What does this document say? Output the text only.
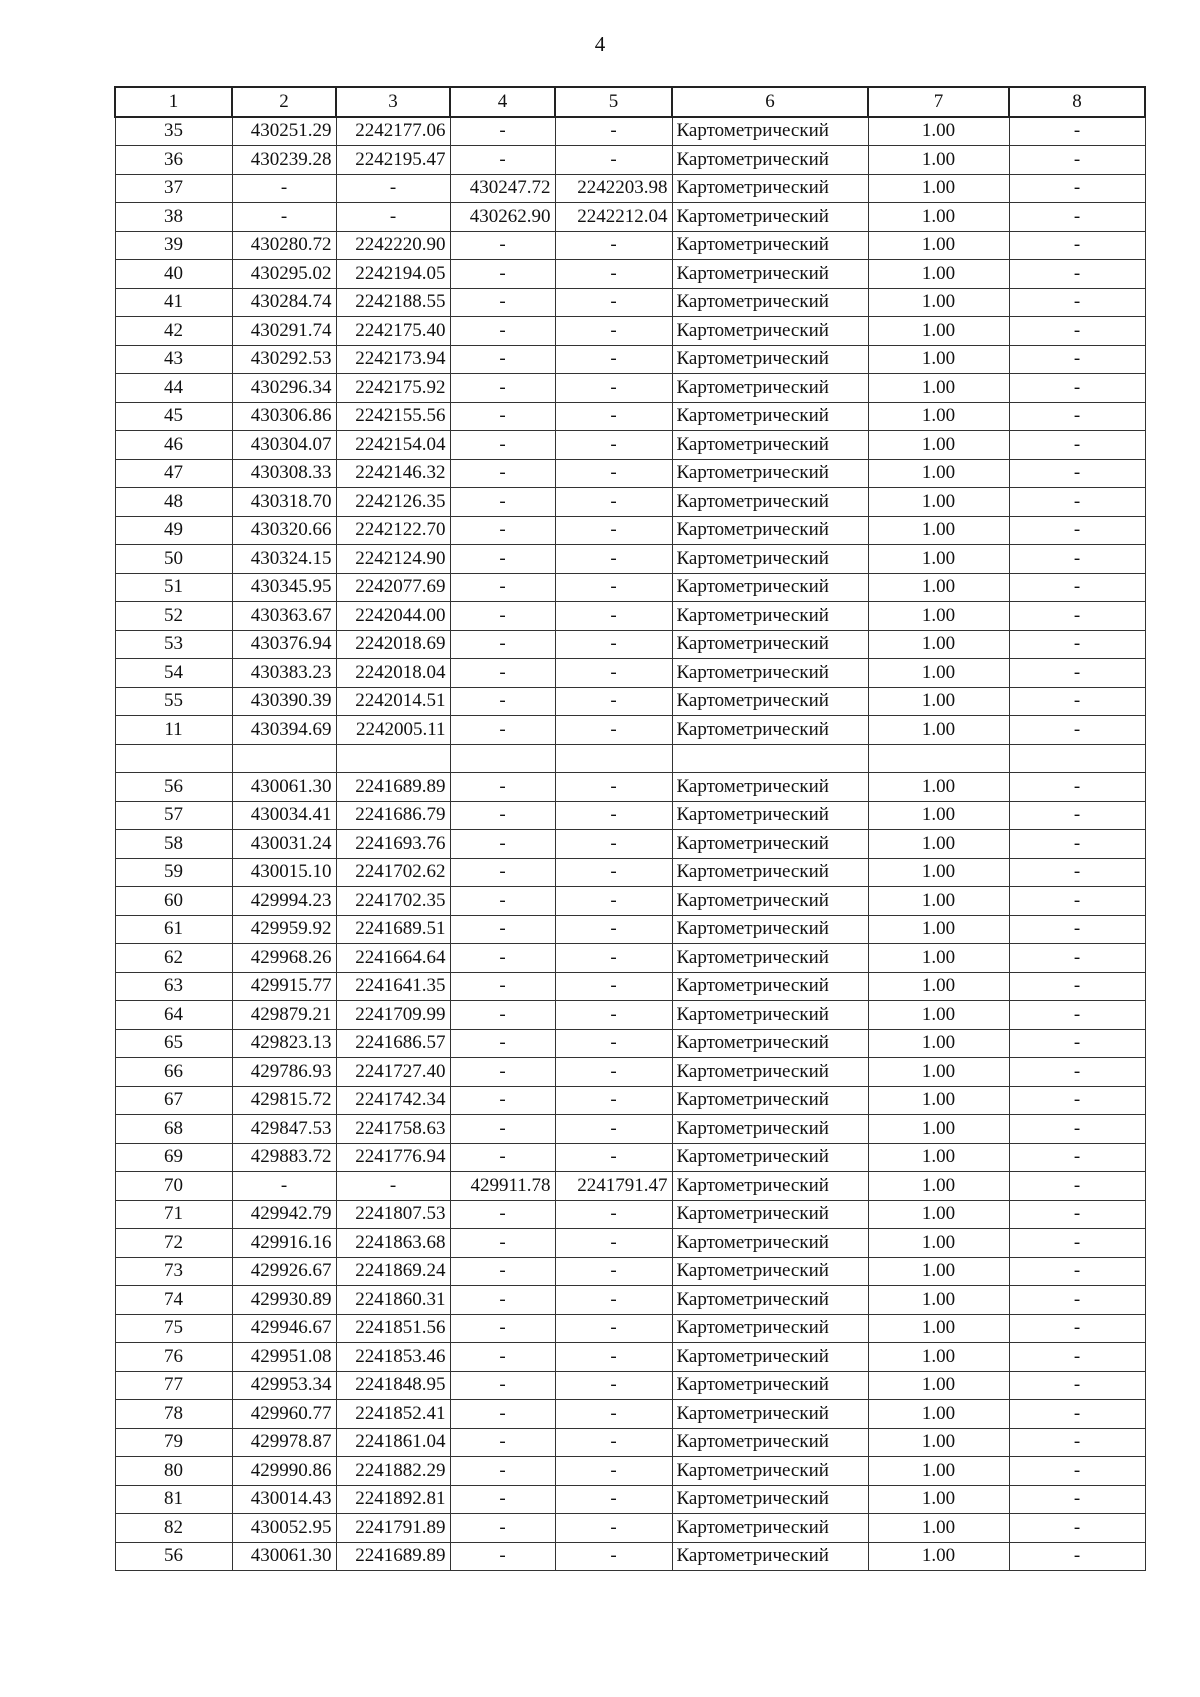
4
1	2	3	4	5	6	7	8
35	430251.29	2242177.06	-	-	Картометрический	1.00	-
36	430239.28	2242195.47	-	-	Картометрический	1.00	-
37	-	-	430247.72	2242203.98	Картометрический	1.00	-
38	-	-	430262.90	2242212.04	Картометрический	1.00	-
39	430280.72	2242220.90	-	-	Картометрический	1.00	-
40	430295.02	2242194.05	-	-	Картометрический	1.00	-
41	430284.74	2242188.55	-	-	Картометрический	1.00	-
42	430291.74	2242175.40	-	-	Картометрический	1.00	-
43	430292.53	2242173.94	-	-	Картометрический	1.00	-
44	430296.34	2242175.92	-	-	Картометрический	1.00	-
45	430306.86	2242155.56	-	-	Картометрический	1.00	-
46	430304.07	2242154.04	-	-	Картометрический	1.00	-
47	430308.33	2242146.32	-	-	Картометрический	1.00	-
48	430318.70	2242126.35	-	-	Картометрический	1.00	-
49	430320.66	2242122.70	-	-	Картометрический	1.00	-
50	430324.15	2242124.90	-	-	Картометрический	1.00	-
51	430345.95	2242077.69	-	-	Картометрический	1.00	-
52	430363.67	2242044.00	-	-	Картометрический	1.00	-
53	430376.94	2242018.69	-	-	Картометрический	1.00	-
54	430383.23	2242018.04	-	-	Картометрический	1.00	-
55	430390.39	2242014.51	-	-	Картометрический	1.00	-
11	430394.69	2242005.11	-	-	Картометрический	1.00	-

56	430061.30	2241689.89	-	-	Картометрический	1.00	-
57	430034.41	2241686.79	-	-	Картометрический	1.00	-
58	430031.24	2241693.76	-	-	Картометрический	1.00	-
59	430015.10	2241702.62	-	-	Картометрический	1.00	-
60	429994.23	2241702.35	-	-	Картометрический	1.00	-
61	429959.92	2241689.51	-	-	Картометрический	1.00	-
62	429968.26	2241664.64	-	-	Картометрический	1.00	-
63	429915.77	2241641.35	-	-	Картометрический	1.00	-
64	429879.21	2241709.99	-	-	Картометрический	1.00	-
65	429823.13	2241686.57	-	-	Картометрический	1.00	-
66	429786.93	2241727.40	-	-	Картометрический	1.00	-
67	429815.72	2241742.34	-	-	Картометрический	1.00	-
68	429847.53	2241758.63	-	-	Картометрический	1.00	-
69	429883.72	2241776.94	-	-	Картометрический	1.00	-
70	-	-	429911.78	2241791.47	Картометрический	1.00	-
71	429942.79	2241807.53	-	-	Картометрический	1.00	-
72	429916.16	2241863.68	-	-	Картометрический	1.00	-
73	429926.67	2241869.24	-	-	Картометрический	1.00	-
74	429930.89	2241860.31	-	-	Картометрический	1.00	-
75	429946.67	2241851.56	-	-	Картометрический	1.00	-
76	429951.08	2241853.46	-	-	Картометрический	1.00	-
77	429953.34	2241848.95	-	-	Картометрический	1.00	-
78	429960.77	2241852.41	-	-	Картометрический	1.00	-
79	429978.87	2241861.04	-	-	Картометрический	1.00	-
80	429990.86	2241882.29	-	-	Картометрический	1.00	-
81	430014.43	2241892.81	-	-	Картометрический	1.00	-
82	430052.95	2241791.89	-	-	Картометрический	1.00	-
56	430061.30	2241689.89	-	-	Картометрический	1.00	-
